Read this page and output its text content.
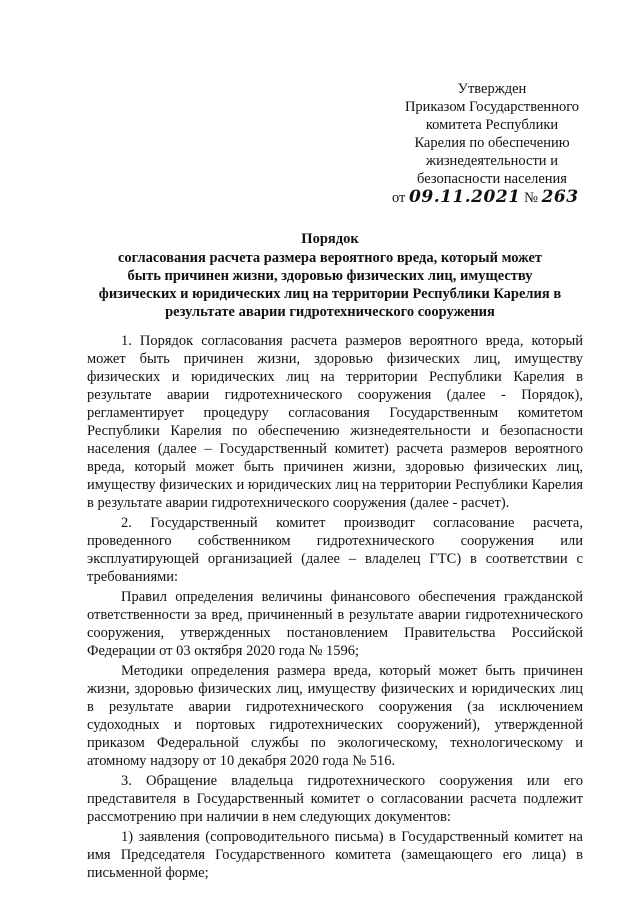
Утвержден
Приказом Государственного
комитета Республики
Карелия по обеспечению
жизнедеятельности и
безопасности населения
от 09.11.2021 № 263
Порядок
согласования расчета размера вероятного вреда, который может
быть причинен жизни, здоровью физических лиц, имуществу
физических и юридических лиц на территории Республики Карелия в
результате аварии гидротехнического сооружения

1. Порядок согласования расчета размеров вероятного вреда, который может быть причинен жизни, здоровью физических лиц, имуществу физических и юридических лиц на территории Республики Карелия в результате аварии гидротехнического сооружения (далее - Порядок), регламентирует процедуру согласования Государственным комитетом Республики Карелия по обеспечению жизнедеятельности и безопасности населения (далее – Государственный комитет) расчета размеров вероятного вреда, который может быть причинен жизни, здоровью физических лиц, имуществу физических и юридических лиц на территории Республики Карелия в результате аварии гидротехнического сооружения (далее - расчет).

2. Государственный комитет производит согласование расчета, проведенного собственником гидротехнического сооружения или эксплуатирующей организацией (далее – владелец ГТС) в соответствии с требованиями:

Правил определения величины финансового обеспечения гражданской ответственности за вред, причиненный в результате аварии гидротехнического сооружения, утвержденных постановлением Правительства Российской Федерации от 03 октября 2020 года № 1596;

Методики определения размера вреда, который может быть причинен жизни, здоровью физических лиц, имуществу физических и юридических лиц в результате аварии гидротехнического сооружения (за исключением судоходных и портовых гидротехнических сооружений), утвержденной приказом Федеральной службы по экологическому, технологическому и атомному надзору от 10 декабря 2020 года № 516.

3. Обращение владельца гидротехнического сооружения или его представителя в Государственный комитет о согласовании расчета подлежит рассмотрению при наличии в нем следующих документов:

1) заявления (сопроводительного письма) в Государственный комитет на имя Председателя Государственного комитета (замещающего его лица) в письменной форме;
